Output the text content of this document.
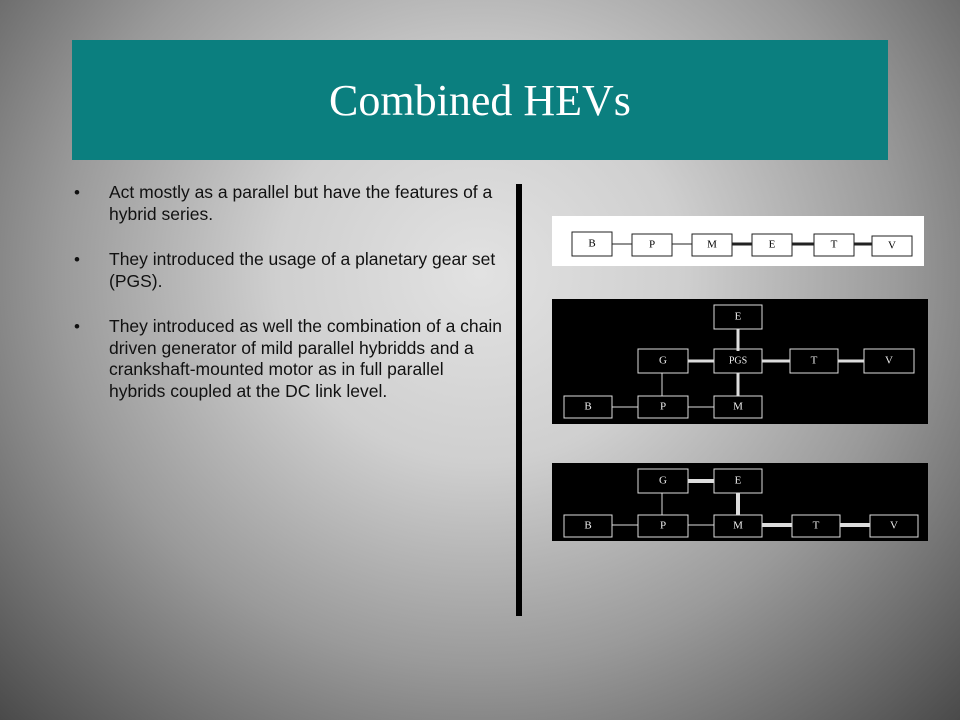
Combined HEVs
• Act mostly as a parallel but have the features of a hybrid series.
• They introduced the usage of a planetary gear set (PGS).
• They introduced as well the combination of a chain driven generator of mild parallel hybridds and a crankshaft-mounted motor as in full parallel hybrids coupled at the DC link level.
B	P	M	E	T	V
E
G	PGS	T	V
B	P	M
G	E
B	P	M	T	V
